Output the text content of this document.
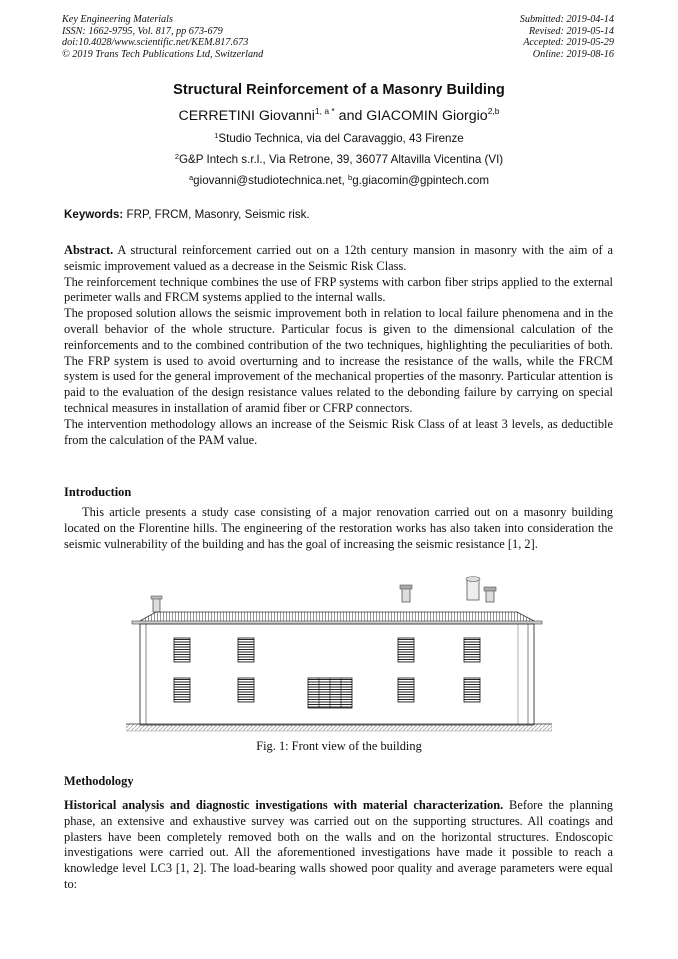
Key Engineering Materials
ISSN: 1662-9795, Vol. 817, pp 673-679
doi:10.4028/www.scientific.net/KEM.817.673
© 2019 Trans Tech Publications Ltd, Switzerland
Submitted: 2019-04-14
Revised: 2019-05-14
Accepted: 2019-05-29
Online: 2019-08-16
Structural Reinforcement of a Masonry Building
CERRETINI Giovanni$^{1, a *}$ and GIACOMIN Giorgio$^{2,b}$
$^1$Studio Technica, via del Caravaggio, 43 Firenze
$^2$G&P Intech s.r.l., Via Retrone, 39, 36077 Altavilla Vicentina (VI)
$^a$giovanni@studiotechnica.net, $^b$g.giacomin@gpintech.com
Keywords: FRP, FRCM, Masonry, Seismic risk.

Abstract. A structural reinforcement carried out on a 12th century mansion in masonry with the aim of a seismic improvement valued as a decrease in the Seismic Risk Class.

The reinforcement technique combines the use of FRP systems with carbon fiber strips applied to the external perimeter walls and FRCM systems applied to the internal walls.

The proposed solution allows the seismic improvement both in relation to local failure phenomena and in the overall behavior of the whole structure. Particular focus is given to the dimensional calculation of the reinforcements and to the combined contribution of the two techniques, highlighting the peculiarities of both. The FRP system is used to avoid overturning and to increase the resistance of the walls, while the FRCM system is used for the general improvement of the mechanical properties of the masonry. Particular attention is paid to the evaluation of the design resistance values related to the debonding failure by carrying on special technical measures in installation of aramid fiber or CFRP connectors.

The intervention methodology allows an increase of the Seismic Risk Class of at least 3 levels, as deductible from the calculation of the PAM value.

Introduction

This article presents a study case consisting of a major renovation carried out on a masonry building located on the Florentine hills. The engineering of the restoration works has also taken into consideration the seismic vulnerability of the building and has the goal of increasing the seismic resistance [1, 2].

Fig. 1: Front view of the building
Methodology

Historical analysis and diagnostic investigations with material characterization. Before the planning phase, an extensive and exhaustive survey was carried out on the supporting structures. All coatings and plasters have been completely removed both on the walls and on the horizontal structures. Endoscopic investigations were carried out. All the aforementioned investigations have made it possible to reach a knowledge level LC3 [1, 2]. The load-bearing walls showed poor quality and average parameters were equal to:
